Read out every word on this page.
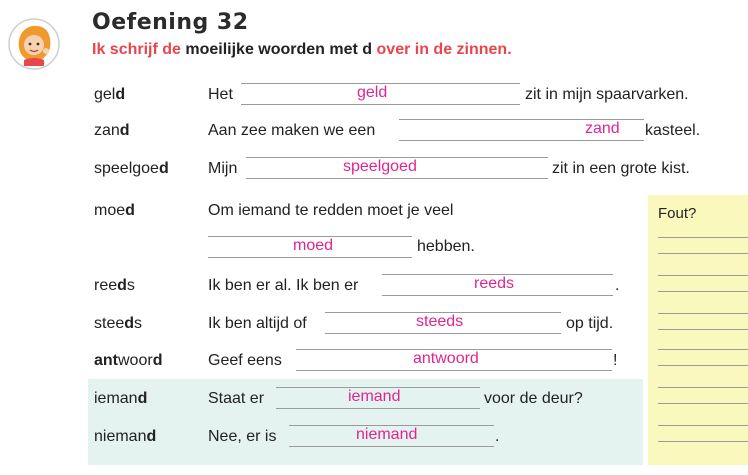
Oefening 32
Ik schrijf de moeilijke woorden met d over in de zinnen.
Fout?
geld	Het	geld	zit in mijn spaarvarken.
zand	Aan zee maken we een	zand kasteel.
speelgoed Mijn	speelgoed	zit in een grote kist.
moed	Om iemand te redden moet je veel
moed	hebben.
reeds	Ik ben er al. Ik ben er	reeds	.
steeds	Ik ben altijd of	steeds	op tijd.
antwoord	Geef eens	antwoord	!
iemand	Staat er	iemand	voor de deur?
niemand	Nee, er is	niemand	.
